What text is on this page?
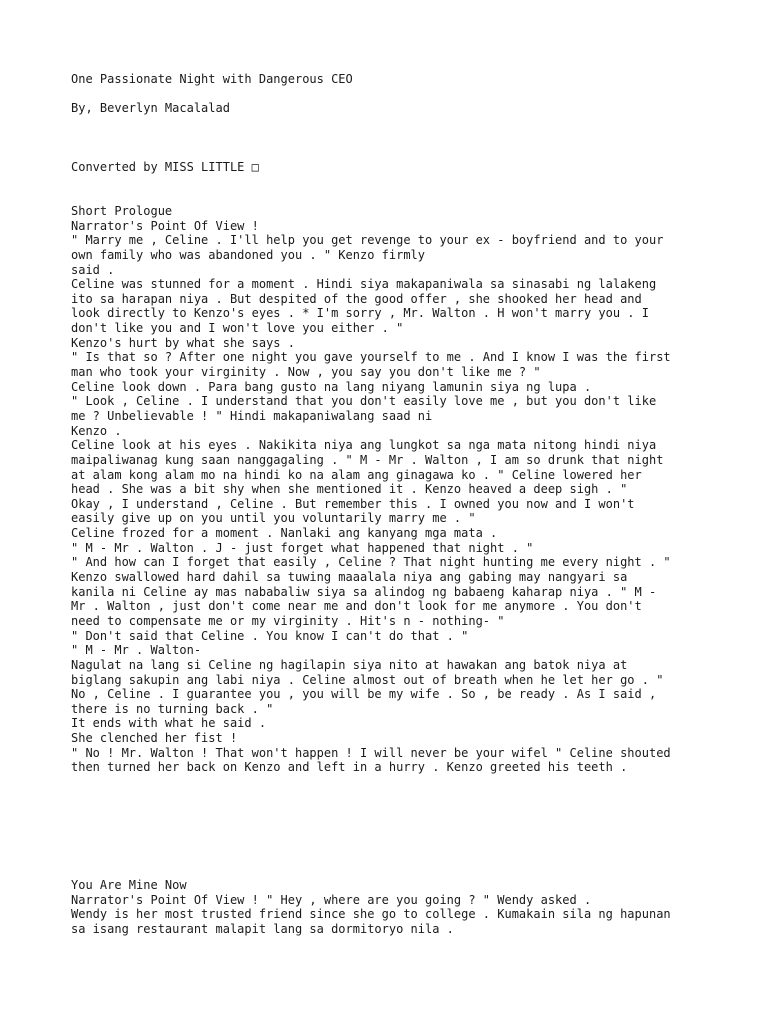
One Passionate Night with Dangerous CEO
By, Beverlyn Macalalad
Converted by MISS LITTLE □
Short Prologue
Narrator's Point Of View !
" Marry me , Celine . I'll help you get revenge to your ex - boyfriend and to your
own family who was abandoned you . " Kenzo firmly
said .
Celine was stunned for a moment . Hindi siya makapaniwala sa sinasabi ng lalakeng
ito sa harapan niya . But despited of the good offer , she shooked her head and
look directly to Kenzo's eyes . * I'm sorry , Mr. Walton . H won't marry you . I
don't like you and I won't love you either . "
Kenzo's hurt by what she says .
" Is that so ? After one night you gave yourself to me . And I know I was the first
man who took your virginity . Now , you say you don't like me ? "
Celine look down . Para bang gusto na lang niyang lamunin siya ng lupa .
" Look , Celine . I understand that you don't easily love me , but you don't like
me ? Unbelievable ! " Hindi makapaniwalang saad ni
Kenzo .
Celine look at his eyes . Nakikita niya ang lungkot sa nga mata nitong hindi niya
maipaliwanag kung saan nanggagaling . " M - Mr . Walton , I am so drunk that night
at alam kong alam mo na hindi ko na alam ang ginagawa ko . " Celine lowered her
head . She was a bit shy when she mentioned it . Kenzo heaved a deep sigh . "
Okay , I understand , Celine . But remember this . I owned you now and I won't
easily give up on you until you voluntarily marry me . "
Celine frozed for a moment . Nanlaki ang kanyang mga mata .
" M - Mr . Walton . J - just forget what happened that night . "
" And how can I forget that easily , Celine ? That night hunting me every night . "
Kenzo swallowed hard dahil sa tuwing maaalala niya ang gabing may nangyari sa
kanila ni Celine ay mas nababaliw siya sa alindog ng babaeng kaharap niya . " M -
Mr . Walton , just don't come near me and don't look for me anymore . You don't
need to compensate me or my virginity . Hit's n - nothing- "
" Don't said that Celine . You know I can't do that . "
" M - Mr . Walton-
Nagulat na lang si Celine ng hagilapin siya nito at hawakan ang batok niya at
biglang sakupin ang labi niya . Celine almost out of breath when he let her go . "
No , Celine . I guarantee you , you will be my wife . So , be ready . As I said ,
there is no turning back . "
It ends with what he said .
She clenched her fist !
" No ! Mr. Walton ! That won't happen ! I will never be your wifel " Celine shouted
then turned her back on Kenzo and left in a hurry . Kenzo greeted his teeth .
You Are Mine Now
Narrator's Point Of View ! " Hey , where are you going ? " Wendy asked .
Wendy is her most trusted friend since she go to college . Kumakain sila ng hapunan
sa isang restaurant malapit lang sa dormitoryo nila .
